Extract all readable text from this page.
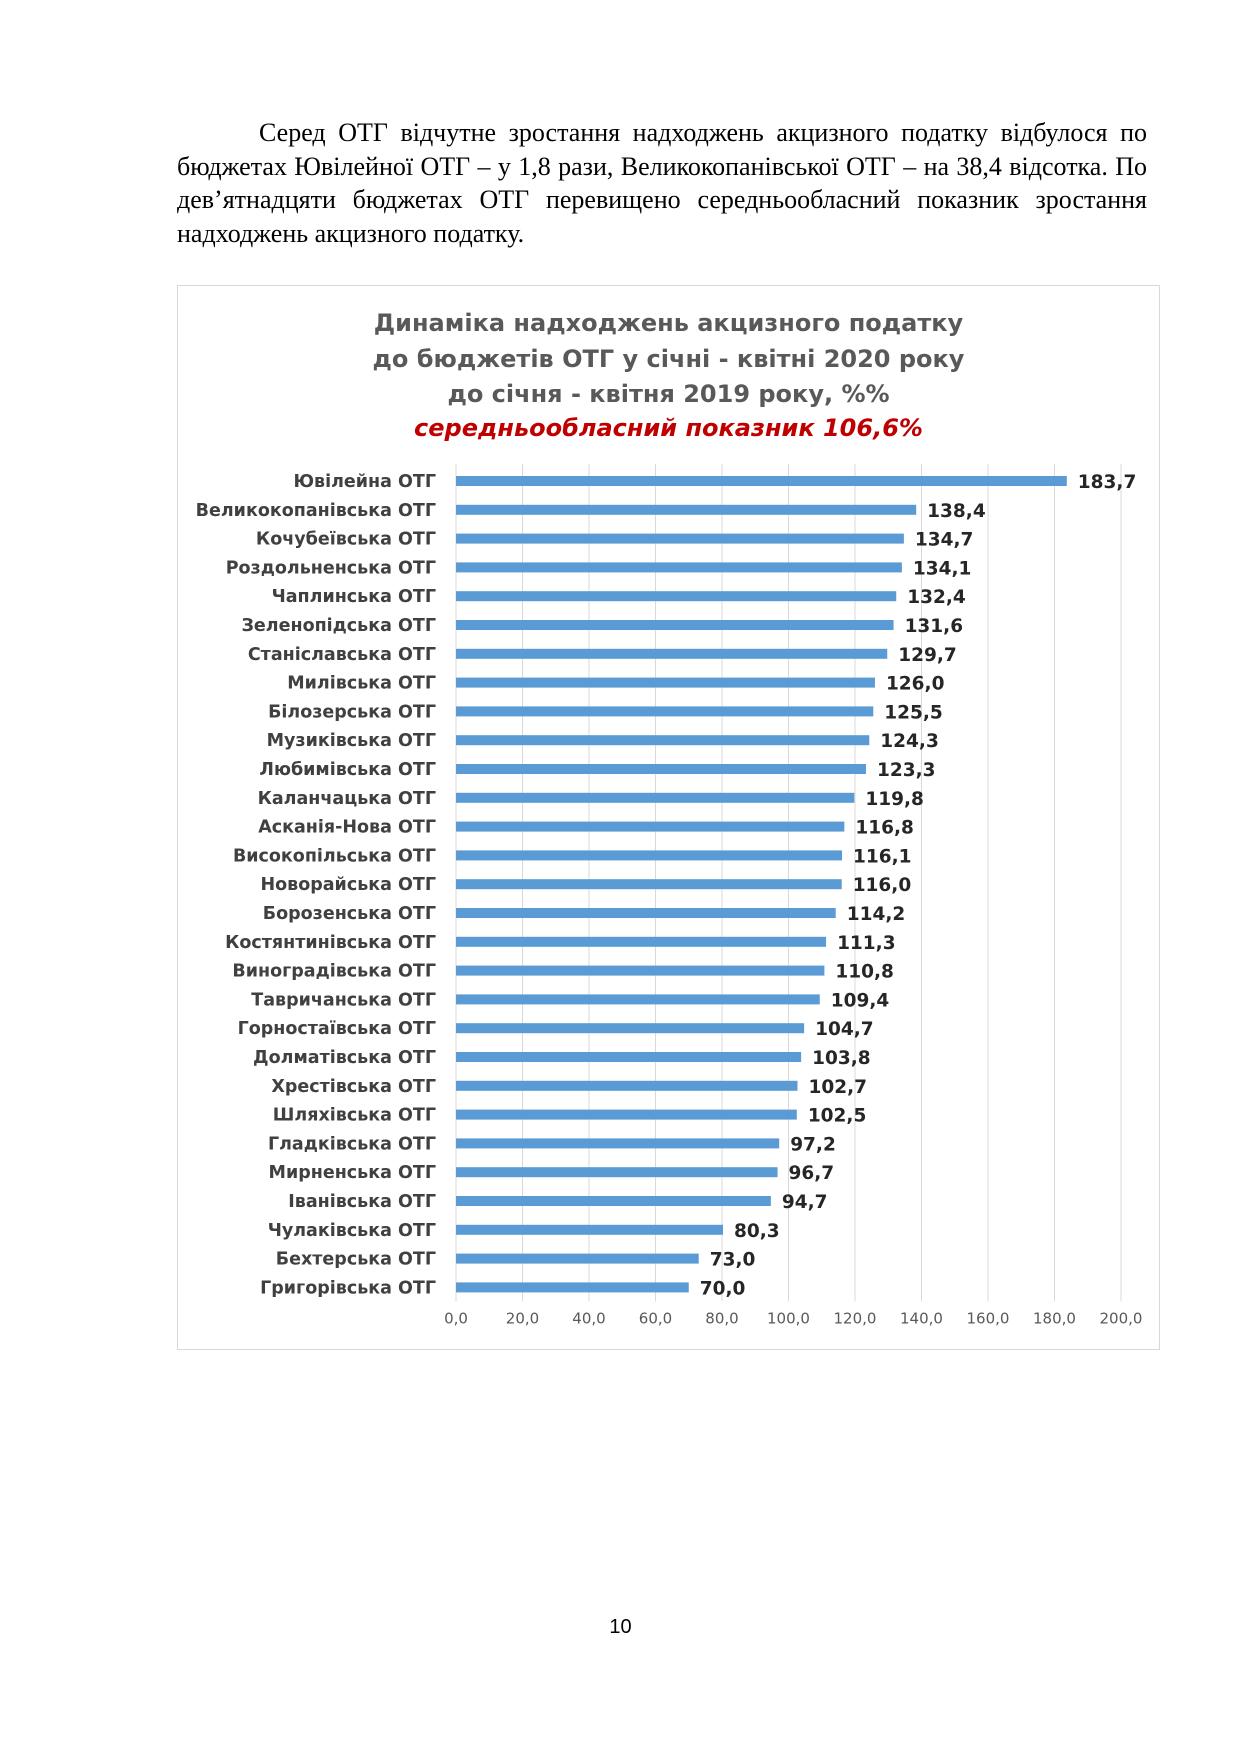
Серед ОТГ відчутне зростання надходжень акцизного податку відбулося по бюджетах Ювілейної ОТГ – у 1,8 рази, Великокопанівської ОТГ – на 38,4 відсотка. По дев’ятнадцяти бюджетах ОТГ перевищено середньообласний показник зростання надходжень акцизного податку.

Динаміка надходжень акцизного податку
до бюджетів ОТГ у січні - квітні 2020 року
до січня - квітня 2019 року, %%
середньообласний показник 106,6%
0,0	20,0 40,0 60,0 80,0 100,0 120,0 140,0 160,0 180,0 200,0
Ювілейна ОТГ	183,7
Великокопанівська ОТГ	138,4
Кочубеївська ОТГ	134,7
Роздольненська ОТГ	134,1
Чаплинська ОТГ	132,4
Зеленопідська ОТГ	131,6
Станіславська ОТГ	129,7
Милівська ОТГ	126,0
Білозерська ОТГ	125,5
Музиківська ОТГ	124,3
Любимівська ОТГ	123,3
Каланчацька ОТГ	119,8
Асканія-Нова ОТГ	116,8
Високопільська ОТГ	116,1
Новорайська ОТГ	116,0
Борозенська ОТГ	114,2
Костянтинівська ОТГ	111,3
Виноградівська ОТГ	110,8
Тавричанська ОТГ	109,4
Горностаївська ОТГ	104,7
Долматівська ОТГ	103,8
Хрестівська ОТГ	102,7
Шляхівська ОТГ	102,5
Гладківська ОТГ	97,2
Мирненська ОТГ	96,7
Іванівська ОТГ	94,7
Чулаківська ОТГ	80,3
Бехтерська ОТГ	73,0
Григорівська ОТГ	70,0
10
